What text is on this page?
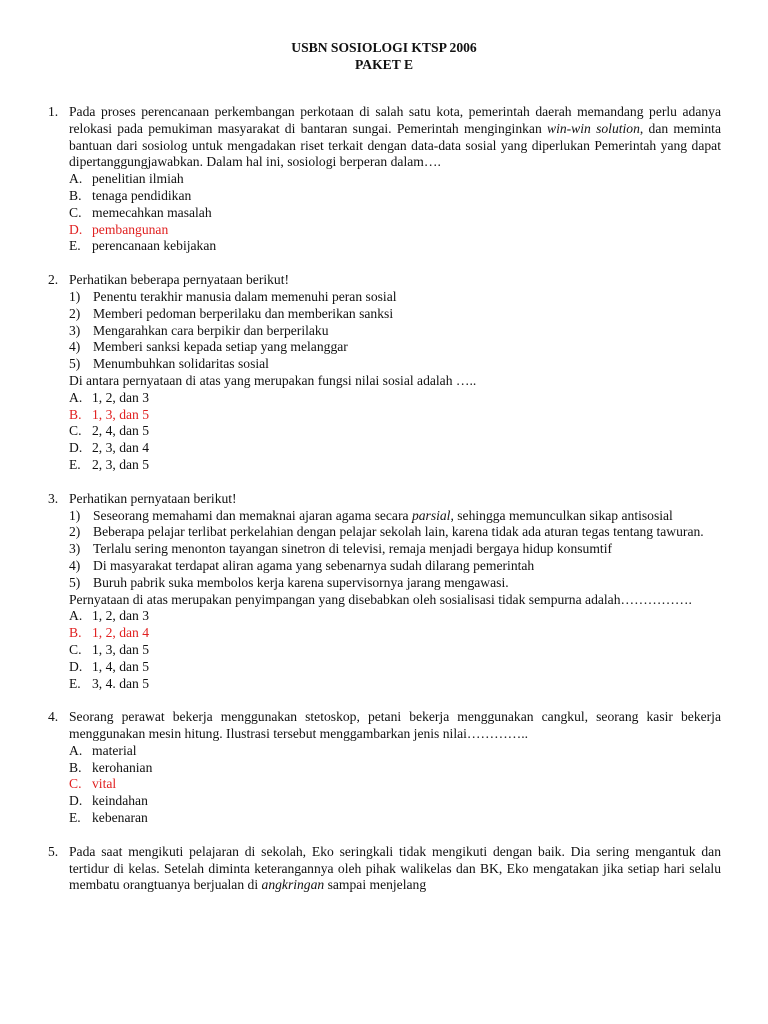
USBN SOSIOLOGI KTSP 2006
PAKET E
1. Pada proses perencanaan perkembangan perkotaan di salah satu kota, pemerintah daerah memandang perlu adanya relokasi pada pemukiman masyarakat di bantaran sungai. Pemerintah menginginkan win-win solution, dan meminta bantuan dari sosiolog untuk mengadakan riset terkait dengan data-data sosial yang diperlukan Pemerintah yang dapat dipertanggungjawabkan. Dalam hal ini, sosiologi berperan dalam….
A. penelitian ilmiah
B. tenaga pendidikan
C. memecahkan masalah
D. pembangunan
E. perencanaan kebijakan
2. Perhatikan beberapa pernyataan berikut!
1) Penentu terakhir manusia dalam memenuhi peran sosial
2) Memberi pedoman berperilaku dan memberikan sanksi
3) Mengarahkan cara berpikir dan berperilaku
4) Memberi sanksi kepada setiap yang melanggar
5) Menumbuhkan solidaritas sosial
Di antara pernyataan di atas yang merupakan fungsi nilai sosial adalah …..
A. 1, 2, dan 3
B. 1, 3, dan 5
C. 2, 4, dan 5
D. 2, 3, dan 4
E. 2, 3, dan 5
3. Perhatikan pernyataan berikut!
1) Seseorang memahami dan memaknai ajaran agama secara parsial, sehingga memunculkan sikap antisosial
2) Beberapa pelajar terlibat perkelahian dengan pelajar sekolah lain, karena tidak ada aturan tegas tentang tawuran.
3) Terlalu sering menonton tayangan sinetron di televisi, remaja menjadi bergaya hidup konsumtif
4) Di masyarakat terdapat aliran agama yang sebenarnya sudah dilarang pemerintah
5) Buruh pabrik suka membolos kerja karena supervisornya jarang mengawasi.
Pernyataan di atas merupakan penyimpangan yang disebabkan oleh sosialisasi tidak sempurna adalah…………….
A. 1, 2, dan 3
B. 1, 2, dan 4
C. 1, 3, dan 5
D. 1, 4, dan 5
E. 3, 4. dan 5
4. Seorang perawat bekerja menggunakan stetoskop, petani bekerja menggunakan cangkul, seorang kasir bekerja menggunakan mesin hitung. Ilustrasi tersebut menggambarkan jenis nilai…………..
A. material
B. kerohanian
C. vital
D. keindahan
E. kebenaran
5. Pada saat mengikuti pelajaran di sekolah, Eko seringkali tidak mengikuti dengan baik. Dia sering mengantuk dan tertidur di kelas. Setelah diminta keterangannya oleh pihak walikelas dan BK, Eko mengatakan jika setiap hari selalu membatu orangtuanya berjualan di angkringan sampai menjelang
